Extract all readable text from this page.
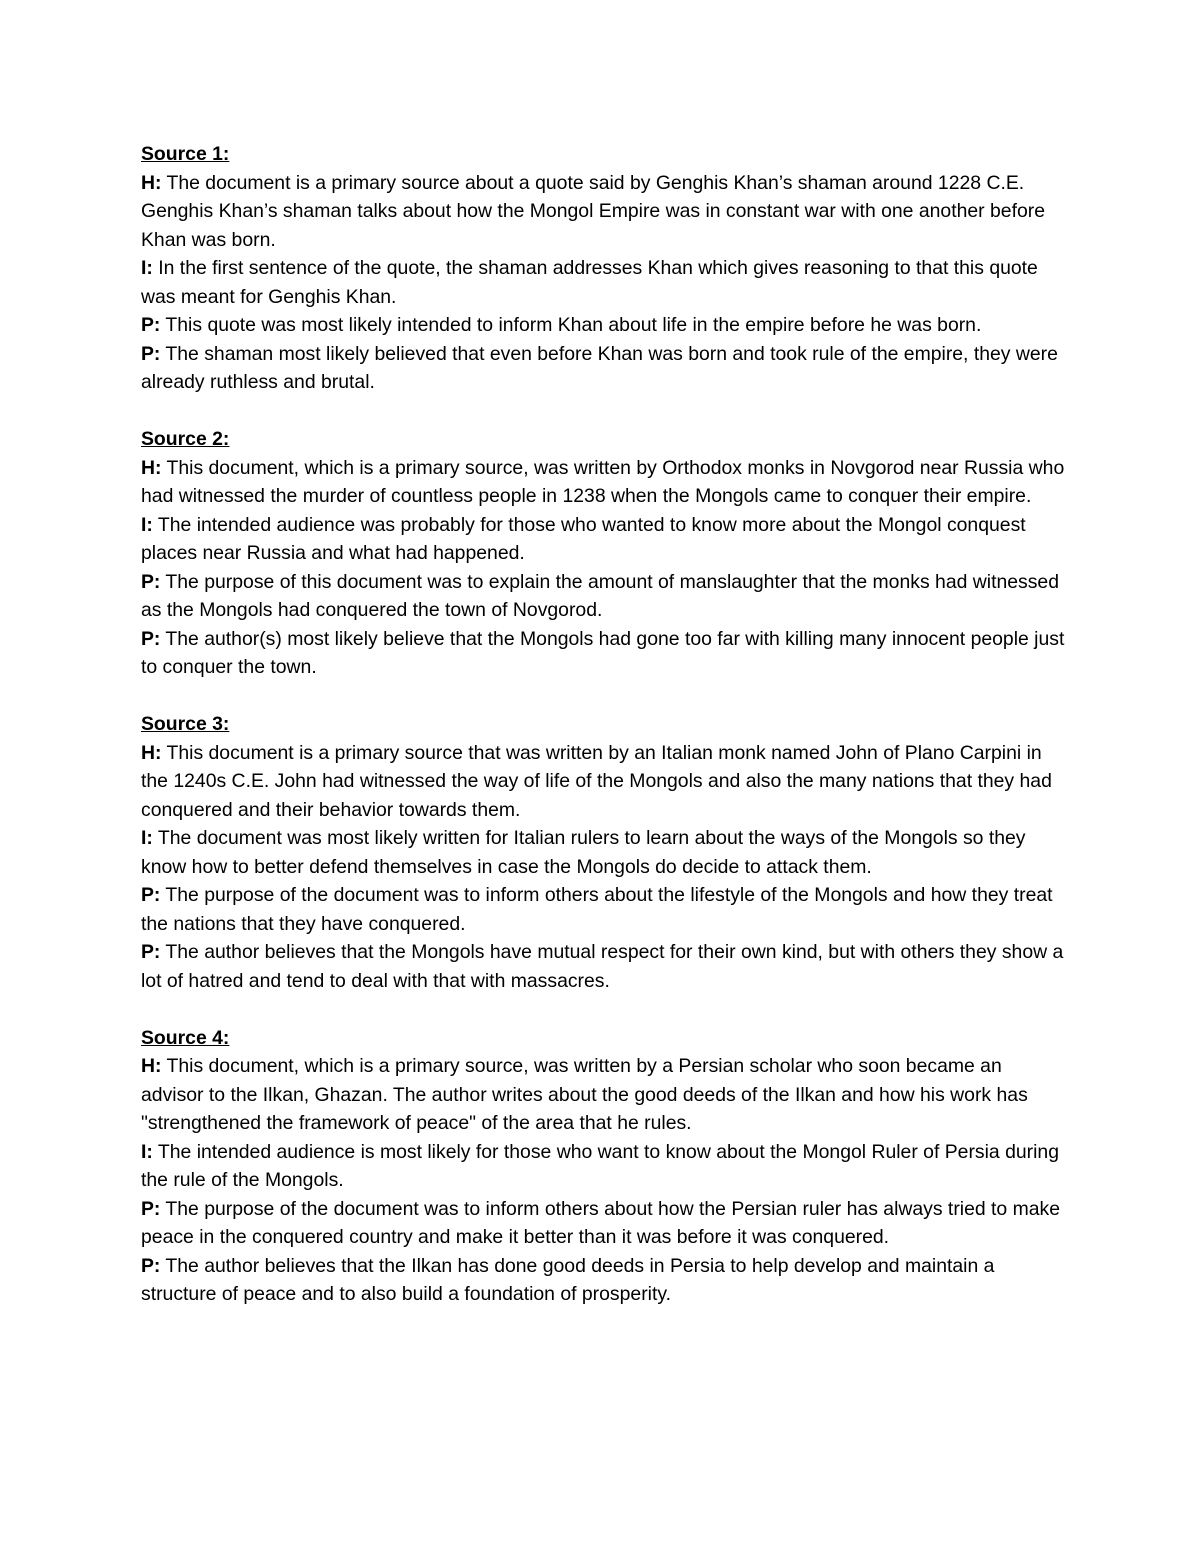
Source 1:

H: The document is a primary source about a quote said by Genghis Khan’s shaman around 1228 C.E. Genghis Khan’s shaman talks about how the Mongol Empire was in constant war with one another before Khan was born.

I: In the first sentence of the quote, the shaman addresses Khan which gives reasoning to that this quote was meant for Genghis Khan.

P: This quote was most likely intended to inform Khan about life in the empire before he was born.

P: The shaman most likely believed that even before Khan was born and took rule of the empire, they were already ruthless and brutal.

Source 2:

H: This document, which is a primary source, was written by Orthodox monks in Novgorod near Russia who had witnessed the murder of countless people in 1238 when the Mongols came to conquer their empire.

I: The intended audience was probably for those who wanted to know more about the Mongol conquest places near Russia and what had happened.

P: The purpose of this document was to explain the amount of manslaughter that the monks had witnessed as the Mongols had conquered the town of Novgorod.

P: The author(s) most likely believe that the Mongols had gone too far with killing many innocent people just to conquer the town.

Source 3:

H: This document is a primary source that was written by an Italian monk named John of Plano Carpini in the 1240s C.E. John had witnessed the way of life of the Mongols and also the many nations that they had conquered and their behavior towards them.

I: The document was most likely written for Italian rulers to learn about the ways of the Mongols so they know how to better defend themselves in case the Mongols do decide to attack them.

P: The purpose of the document was to inform others about the lifestyle of the Mongols and how they treat the nations that they have conquered.

P: The author believes that the Mongols have mutual respect for their own kind, but with others they show a lot of hatred and tend to deal with that with massacres.

Source 4:

H: This document, which is a primary source, was written by a Persian scholar who soon became an advisor to the Ilkan, Ghazan. The author writes about the good deeds of the Ilkan and how his work has "strengthened the framework of peace" of the area that he rules.

I: The intended audience is most likely for those who want to know about the Mongol Ruler of Persia during the rule of the Mongols.

P: The purpose of the document was to inform others about how the Persian ruler has always tried to make peace in the conquered country and make it better than it was before it was conquered.

P: The author believes that the Ilkan has done good deeds in Persia to help develop and maintain a structure of peace and to also build a foundation of prosperity.
